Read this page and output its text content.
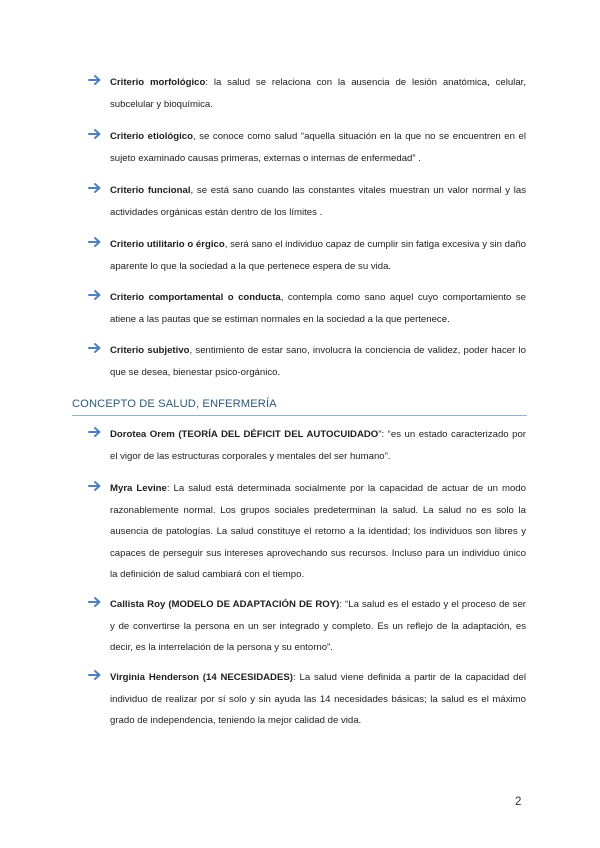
Criterio morfológico: la salud se relaciona con la ausencia de lesión anatómica, celular, subcelular y bioquímica.
Criterio etiológico, se conoce como salud “aquella situación en la que no se encuentren en el sujeto examinado causas primeras, externas o internas de enfermedad” .
Criterio funcional, se está sano cuando las constantes vitales muestran un valor normal y las actividades orgánicas están dentro de los límites .
Criterio utilitario o érgico, será sano el individuo capaz de cumplir sin fatiga excesiva y sin daño aparente lo que la sociedad a la que pertenece espera de su vida.
Criterio comportamental o conducta, contempla como sano aquel cuyo comportamiento se atiene a las pautas que se estiman normales en la sociedad a la que pertenece.
Criterio subjetivo, sentimiento de estar sano, involucra la conciencia de validez, poder hacer lo que se desea, bienestar psico-orgánico.
CONCEPTO DE SALUD, ENFERMERÍA
Dorotea Orem (TEORÍA DEL DÉFICIT DEL AUTOCUIDADO”: “es un estado caracterizado por el vigor de las estructuras corporales y mentales del ser humano”.
Myra Levine: La salud está determinada socialmente por la capacidad de actuar de un modo razonablemente normal. Los grupos sociales predeterminan la salud. La salud no es solo la ausencia de patologías. La salud constituye el retorno a la identidad; los individuos son libres y capaces de perseguir sus intereses aprovechando sus recursos. Incluso para un individuo único la definición de salud cambiará con el tiempo.
Callista Roy (MODELO DE ADAPTACIÓN DE ROY): “La salud es el estado y el proceso de ser y de convertirse la persona en un ser integrado y completo. Es un reflejo de la adaptación, es decir, es la interrelación de la persona y su entorno”.
Virginia Henderson (14 NECESIDADES): La salud viene definida a partir de la capacidad del individuo de realizar por sí solo y sin ayuda las 14 necesidades básicas; la salud es el máximo grado de independencia, teniendo la mejor calidad de vida.
2
